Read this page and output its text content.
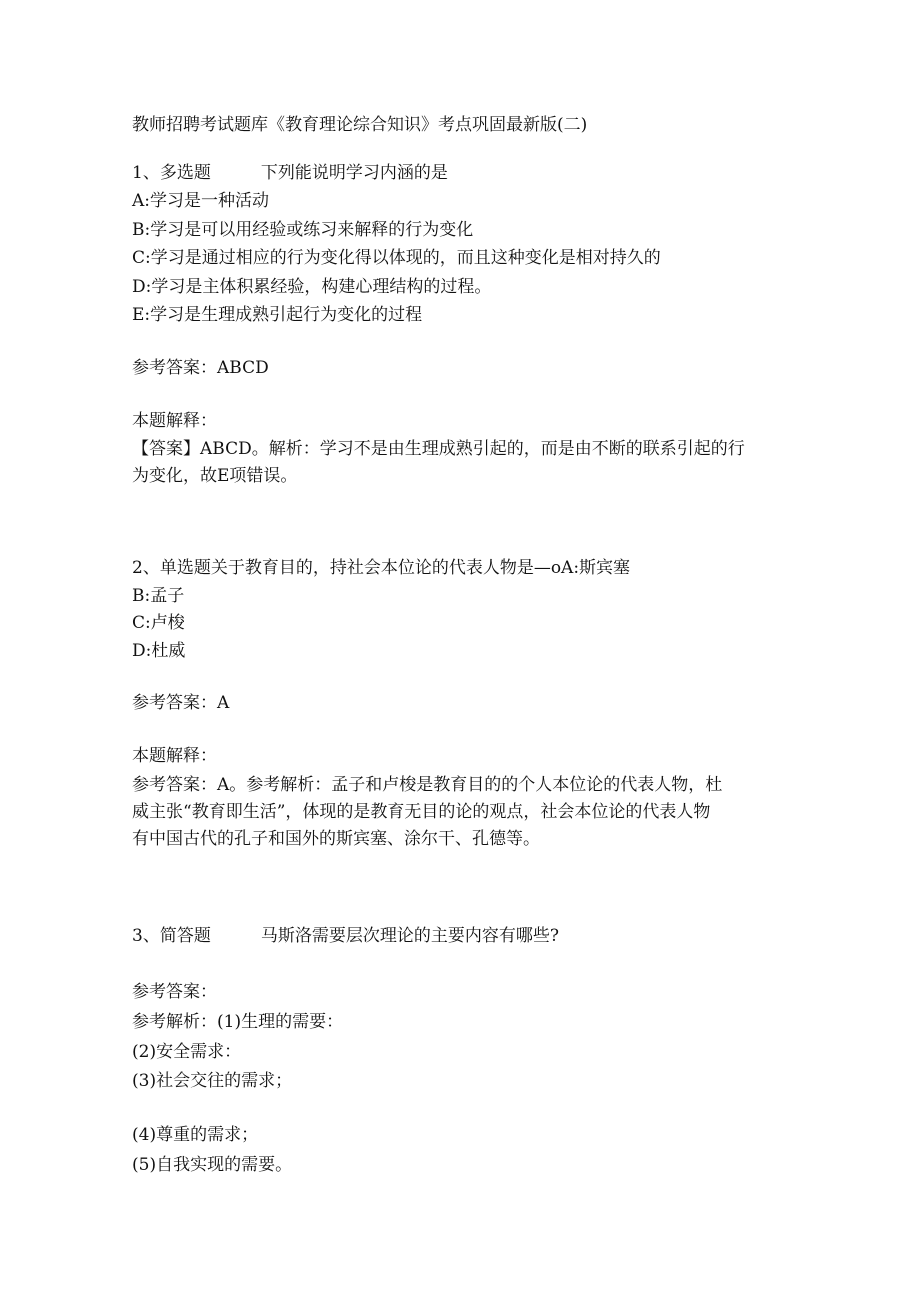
教师招聘考试题库《教育理论综合知识》考点巩固最新版(二)
1、多选题	下列能说明学习内涵的是
A:学习是一种活动
B:学习是可以用经验或练习来解释的行为变化
C:学习是通过相应的行为变化得以体现的，而且这种变化是相对持久的
D:学习是主体积累经验，构建心理结构的过程。
E:学习是生理成熟引起行为变化的过程
参考答案：ABCD
本题解释：
【答案】ABCD。解析：学习不是由生理成熟引起的，而是由不断的联系引起的行
为变化，故E项错误。
2、单选题关于教育目的，持社会本位论的代表人物是—oA:斯宾塞
B:孟子
C:卢梭
D:杜威
参考答案：A
本题解释：
参考答案：A。参考解析：孟子和卢梭是教育目的的个人本位论的代表人物，杜
威主张“教育即生活”，体现的是教育无目的论的观点，社会本位论的代表人物
有中国古代的孔子和国外的斯宾塞、涂尔干、孔德等。
3、简答题	马斯洛需要层次理论的主要内容有哪些?
参考答案：
参考解析：(1)生理的需要：
(2)安全需求：
(3)社会交往的需求；
(4)尊重的需求；
(5)自我实现的需要。
